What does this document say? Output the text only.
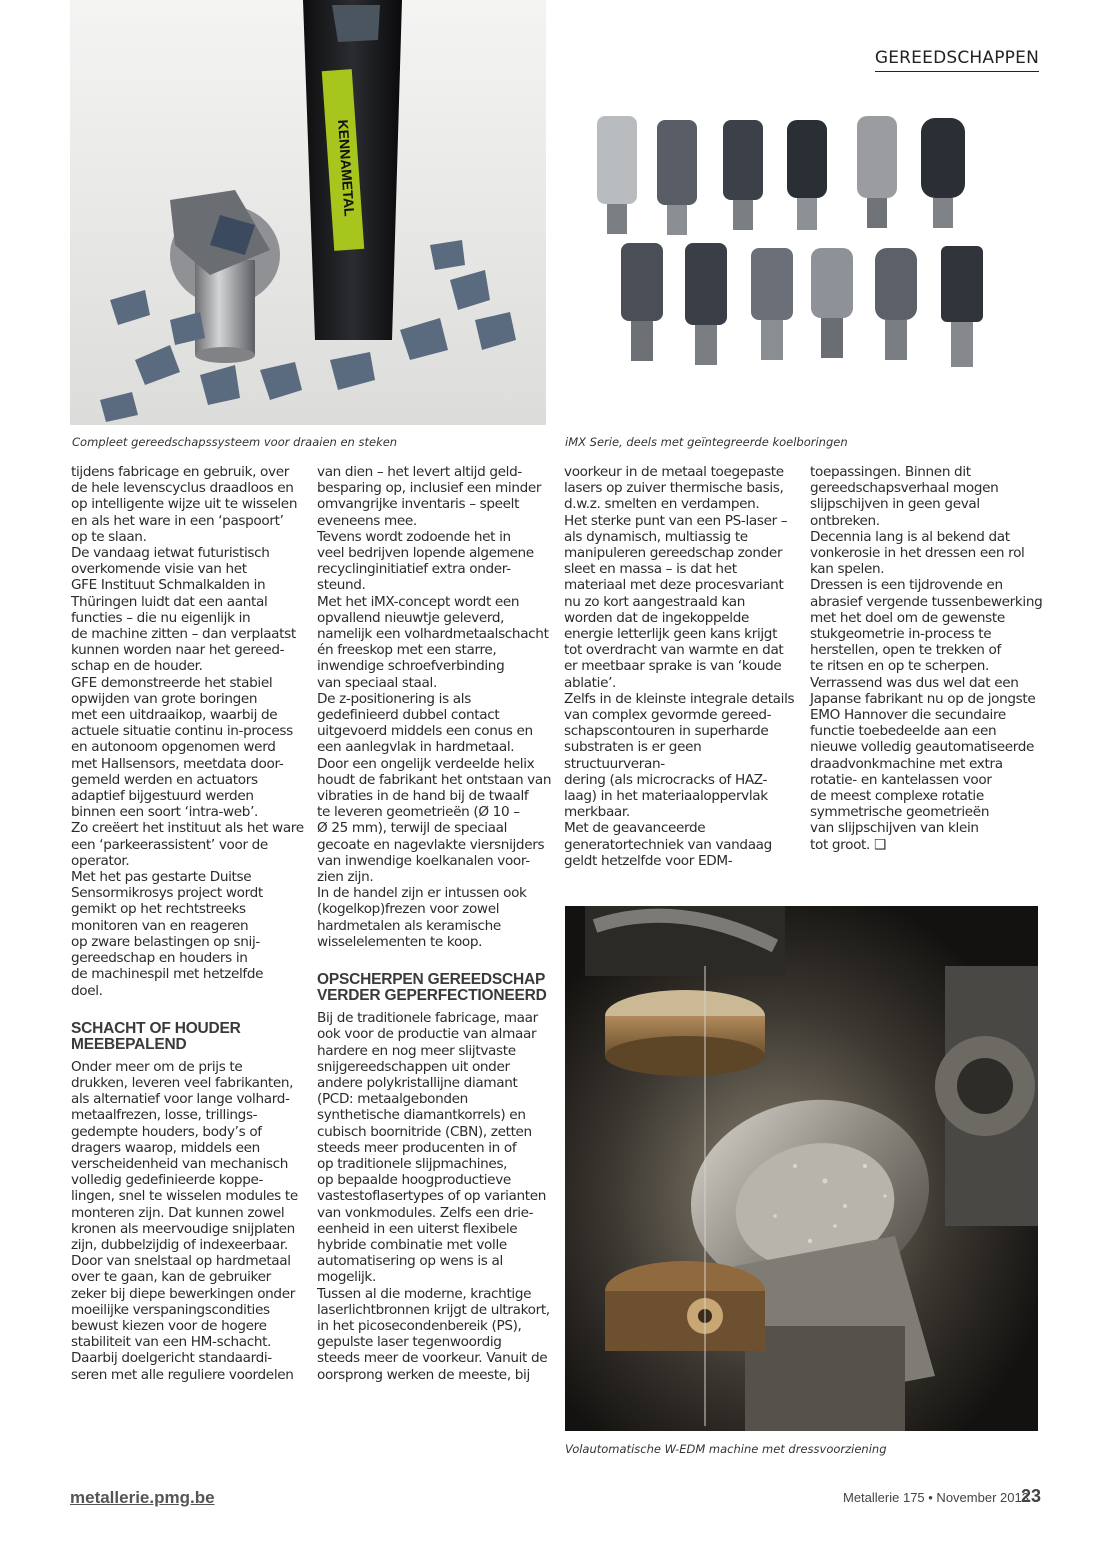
GEREEDSCHAPPEN
KENNAMETAL
Compleet gereedschapssysteem voor draaien en steken	iMX Serie, deels met geïntegreerde koelboringen

tijdens fabricage en gebruik, over
de hele levenscyclus draadloos en
op intelligente wijze uit te wisselen
en als het ware in een ‘paspoort’
op te slaan.

De vandaag ietwat futuristisch
overkomende visie van het
GFE Instituut Schmalkalden in
Thüringen luidt dat een aantal
functies – die nu eigenlijk in
de machine zitten – dan verplaatst
kunnen worden naar het gereed-
schap en de houder.

GFE demonstreerde het stabiel
opwijden van grote boringen
met een uitdraaikop, waarbij de
actuele situatie continu in-process
en autonoom opgenomen werd
met Hallsensors, meetdata door-
gemeld werden en actuators
adaptief bijgestuurd werden
binnen een soort ‘intra-web’.

Zo creëert het instituut als het ware
een ‘parkeerassistent’ voor de
operator.

Met het pas gestarte Duitse
Sensormikrosys project wordt
gemikt op het rechtstreeks
monitoren van en reageren
op zware belastingen op snij-
gereedschap en houders in
de machinespil met hetzelfde
doel.

SCHACHT OF HOUDER
MEEBEPALEND

Onder meer om de prijs te
drukken, leveren veel fabrikanten,
als alternatief voor lange volhard-
metaalfrezen, losse, trillings-
gedempte houders, body’s of
dragers waarop, middels een
verscheidenheid van mechanisch
volledig gedefinieerde koppe-
lingen, snel te wisselen modules te
monteren zijn. Dat kunnen zowel
kronen als meervoudige snijplaten
zijn, dubbelzijdig of indexeerbaar.
Door van snelstaal op hardmetaal
over te gaan, kan de gebruiker
zeker bij diepe bewerkingen onder
moeilijke verspaningscondities
bewust kiezen voor de hogere
stabiliteit van een HM-schacht.
Daarbij doelgericht standaardi-
seren met alle reguliere voordelen

van dien – het levert altijd geld-
besparing op, inclusief een minder
omvangrijke inventaris – speelt
eveneens mee.

Tevens wordt zodoende het in
veel bedrijven lopende algemene
recyclinginitiatief extra onder-
steund.

Met het iMX-concept wordt een
opvallend nieuwtje geleverd,
namelijk een volhardmetaalschacht
én freeskop met een starre,
inwendige schroefverbinding
van speciaal staal.

De z-positionering is als
gedefinieerd dubbel contact
uitgevoerd middels een conus en
een aanlegvlak in hardmetaal.

Door een ongelijk verdeelde helix
houdt de fabrikant het ontstaan van
vibraties in de hand bij de twaalf
te leveren geometrieën (Ø 10 –
Ø 25 mm), terwijl de speciaal
gecoate en nagevlakte viersnijders
van inwendige koelkanalen voor-
zien zijn.

In de handel zijn er intussen ook
(kogelkop)frezen voor zowel
hardmetalen als keramische
wisselelementen te koop.

OPSCHERPEN GEREEDSCHAP
VERDER GEPERFECTIONEERD

Bij de traditionele fabricage, maar
ook voor de productie van almaar
hardere en nog meer slijtvaste
snijgereedschappen uit onder
andere polykristallijne diamant
(PCD: metaalgebonden
synthetische diamantkorrels) en
cubisch boornitride (CBN), zetten
steeds meer producenten in of
op traditionele slijpmachines,
op bepaalde hoogproductieve
vastestoflasertypes of op varianten
van vonkmodules. Zelfs een drie-
eenheid in een uiterst flexibele
hybride combinatie met volle
automatisering op wens is al
mogelijk.

Tussen al die moderne, krachtige
laserlichtbronnen krijgt de ultrakort,
in het picosecondenbereik (PS),
gepulste laser tegenwoordig
steeds meer de voorkeur. Vanuit de
oorsprong werken de meeste, bij

voorkeur in de metaal toegepaste
lasers op zuiver thermische basis,
d.w.z. smelten en verdampen.

Het sterke punt van een PS-laser –
als dynamisch, multiassig te
manipuleren gereedschap zonder
sleet en massa – is dat het
materiaal met deze procesvariant
nu zo kort aangestraald kan
worden dat de ingekoppelde
energie letterlijk geen kans krijgt
tot overdracht van warmte en dat
er meetbaar sprake is van ‘koude
ablatie’.

Zelfs in de kleinste integrale details
van complex gevormde gereed-
schapscontouren in superharde
substraten is er geen structuurveran-
dering (als microcracks of HAZ-
laag) in het materiaaloppervlak
merkbaar.

Met de geavanceerde
generatortechniek van vandaag
geldt hetzelfde voor EDM-

toepassingen. Binnen dit
gereedschapsverhaal mogen
slijpschijven in geen geval
ontbreken.

Decennia lang is al bekend dat
vonkerosie in het dressen een rol
kan spelen.

Dressen is een tijdrovende en
abrasief vergende tussenbewerking
met het doel om de gewenste
stukgeometrie in-process te
herstellen, open te trekken of
te ritsen en op te scherpen.

Verrassend was dus wel dat een
Japanse fabrikant nu op de jongste
EMO Hannover die secundaire
functie toebedeelde aan een
nieuwe volledig geautomatiseerde
draadvonkmachine met extra
rotatie- en kantelassen voor
de meest complexe rotatie
symmetrische geometrieën
van slijpschijven van klein
tot groot. ❑

Volautomatische W-EDM machine met dressvoorziening
metallerie.pmg.be	Metallerie 175 • November 2013
23
